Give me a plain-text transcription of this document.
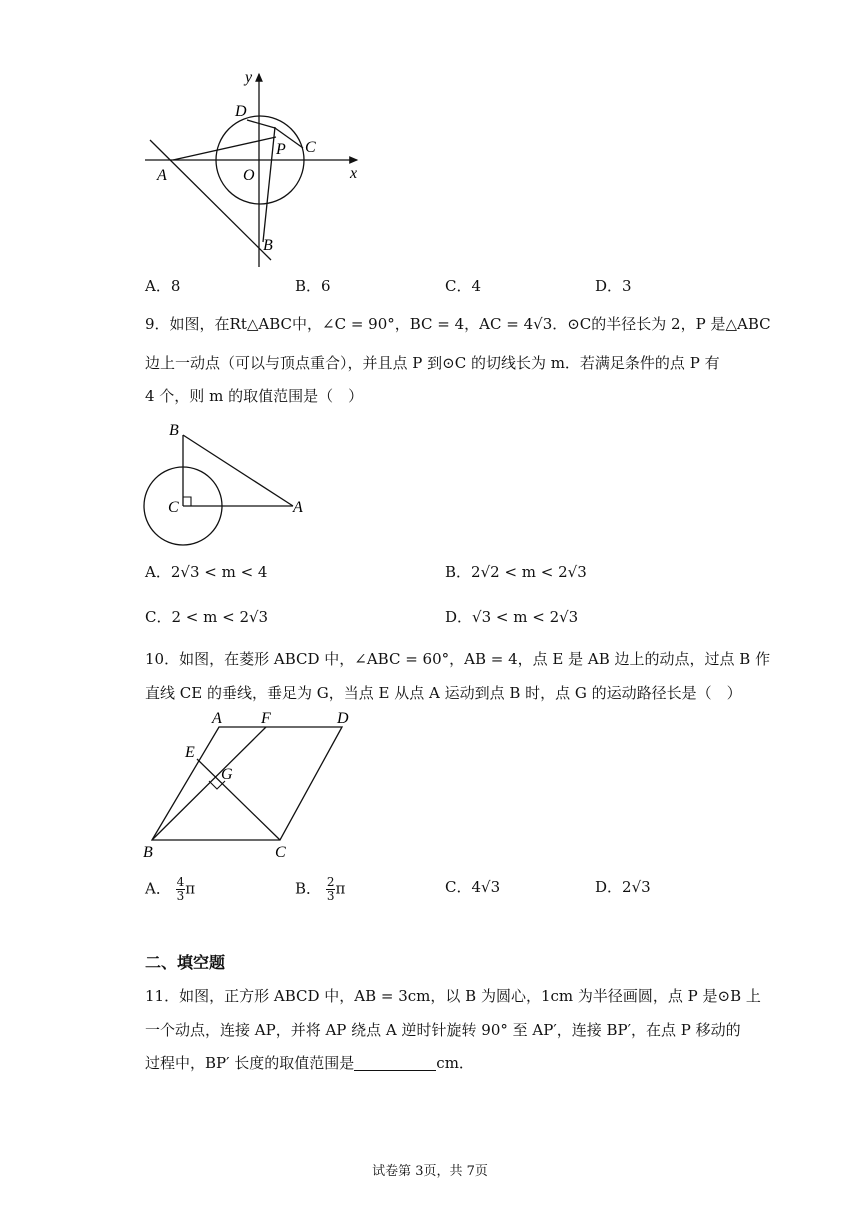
y
x
D
P C
A	O
B
A．8	B．6	C．4	D．3
9．如图，在Rt△ABC中，∠C = 90°，BC = 4，AC = 4√3．⊙C的半径长为 2，P 是△ABC
边上一动点（可以与顶点重合），并且点 P 到⊙C 的切线长为 m．若满足条件的点 P 有
4 个，则 m 的取值范围是（　）
B
C	A
A．2√3 < m < 4	B．2√2 < m < 2√3
C．2 < m < 2√3	D．√3 < m < 2√3
10．如图，在菱形 ABCD 中，∠ABC = 60°，AB = 4，点 E 是 AB 边上的动点，过点 B 作
直线 CE 的垂线，垂足为 G，当点 E 从点 A 运动到点 B 时，点 G 的运动路径长是（　）
A F	D
E
G
B	C
A． $\frac{4}{3}$ π	B． $\frac{2}{3}$ π	C．4√3	D．2√3
二、填空题
11．如图，正方形 ABCD 中，AB = 3cm，以 B 为圆心，1cm 为半径画圆，点 P 是⊙B 上
一个动点，连接 AP，并将 AP 绕点 A 逆时针旋转 90° 至 AP′，连接 BP′，在点 P 移动的
过程中，BP′ 长度的取值范围是	cm．
试卷第 3页，共 7页
